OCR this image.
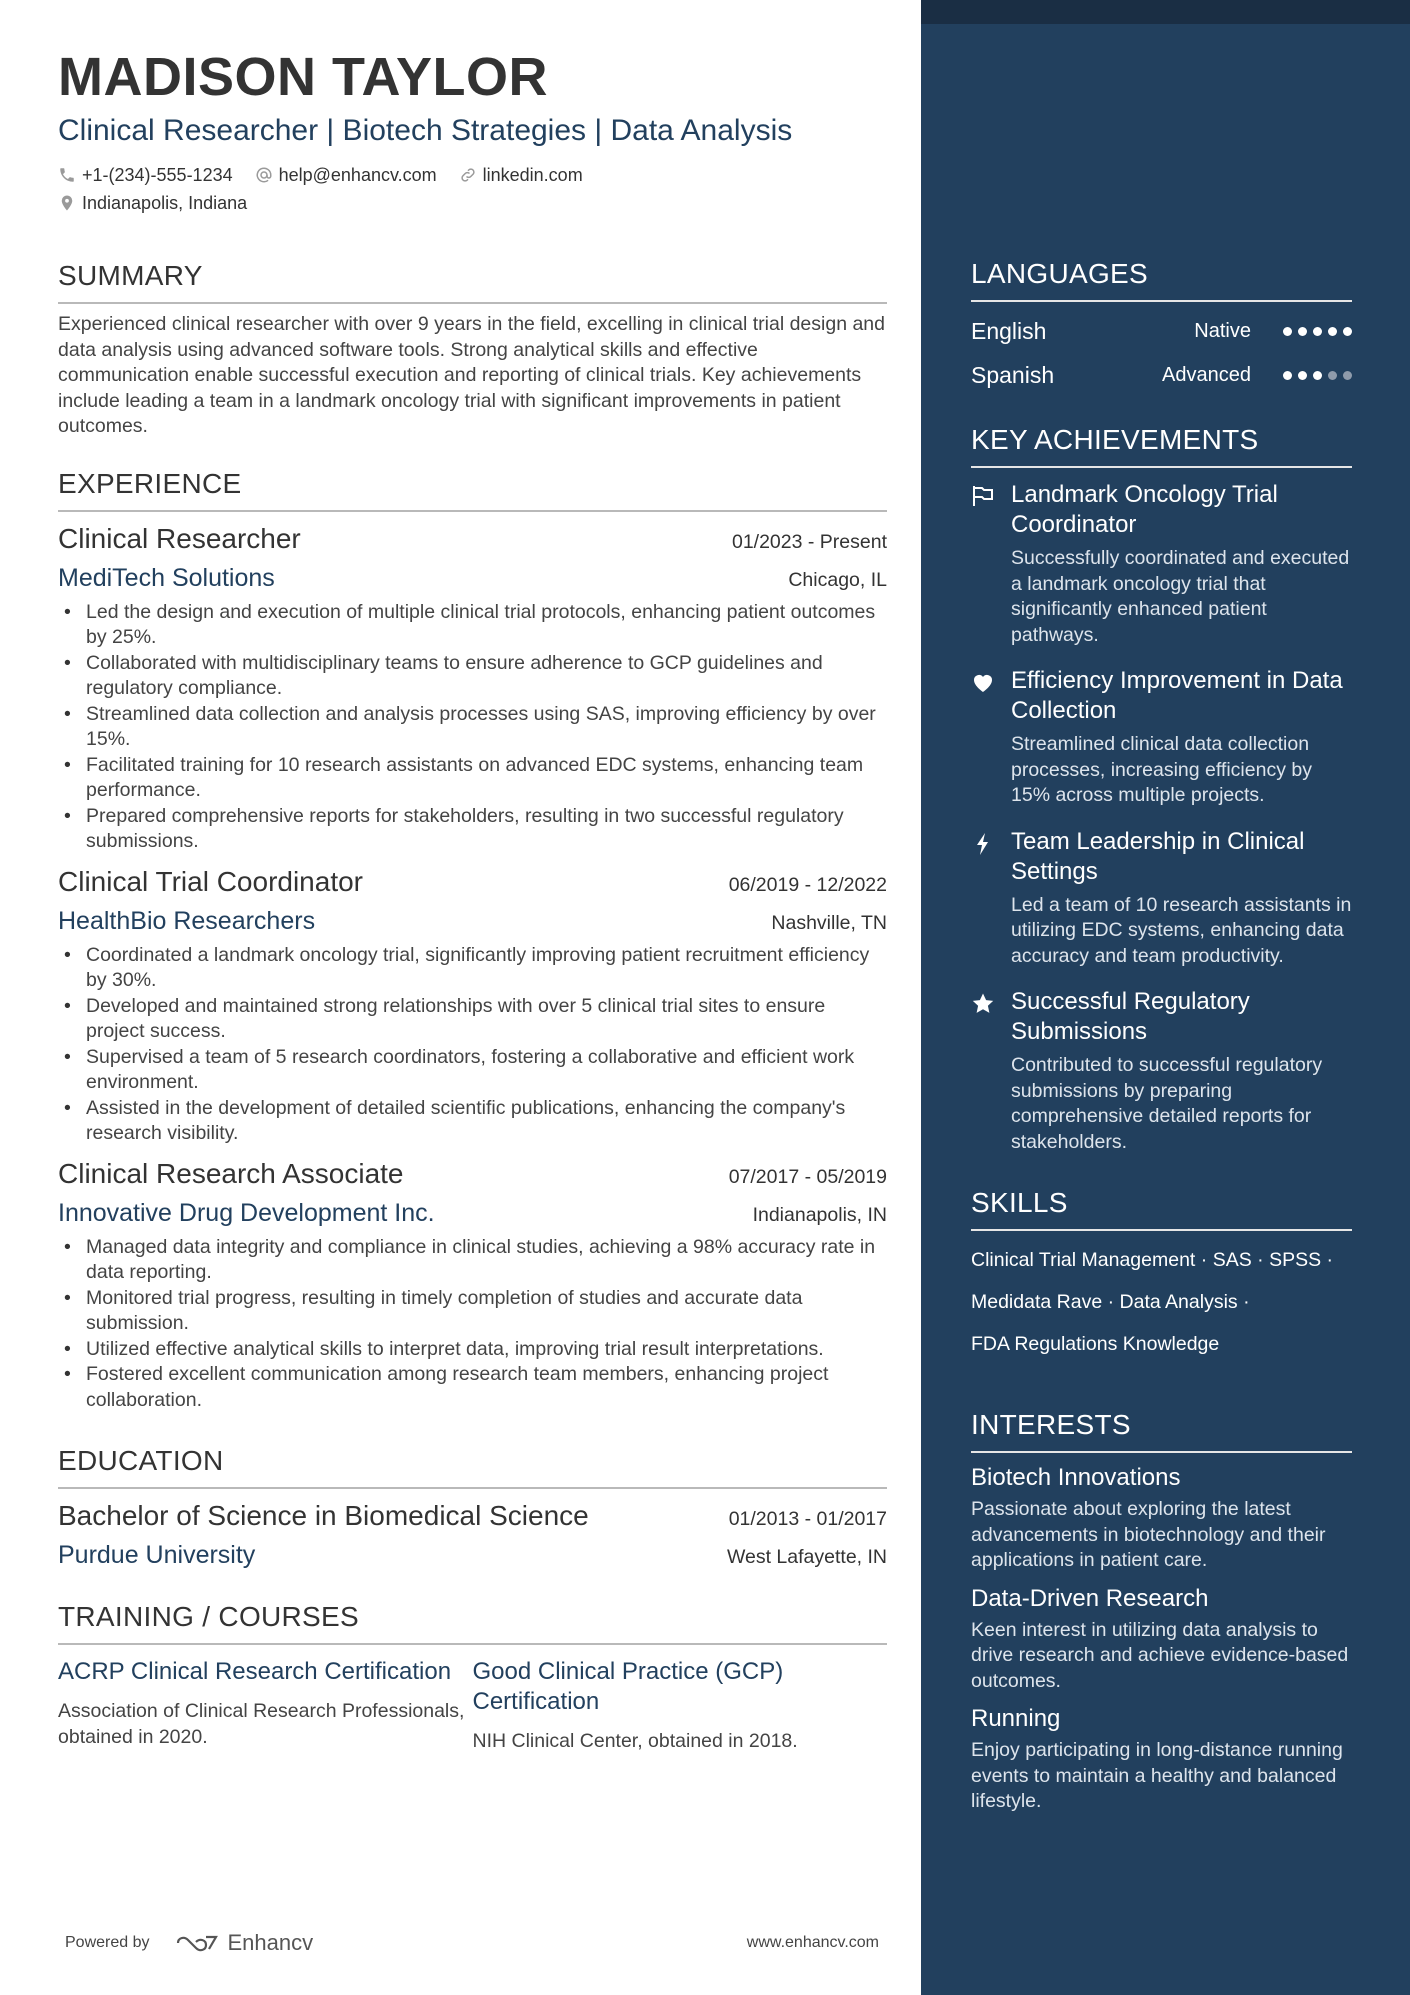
MADISON TAYLOR
Clinical Researcher | Biotech Strategies | Data Analysis
+1-(234)-555-1234	help@enhancv.com	linkedin.com
Indianapolis, Indiana
SUMMARY
Experienced clinical researcher with over 9 years in the field, excelling in clinical trial design and data analysis using advanced software tools. Strong analytical skills and effective communication enable successful execution and reporting of clinical trials. Key achievements include leading a team in a landmark oncology trial with significant improvements in patient outcomes.
EXPERIENCE
Clinical Researcher	01/2023 - Present
MediTech Solutions	Chicago, IL
• Led the design and execution of multiple clinical trial protocols, enhancing patient outcomes by 25%.
• Collaborated with multidisciplinary teams to ensure adherence to GCP guidelines and regulatory compliance.
• Streamlined data collection and analysis processes using SAS, improving efficiency by over 15%.
• Facilitated training for 10 research assistants on advanced EDC systems, enhancing team performance.
• Prepared comprehensive reports for stakeholders, resulting in two successful regulatory submissions.
Clinical Trial Coordinator	06/2019 - 12/2022
HealthBio Researchers	Nashville, TN
• Coordinated a landmark oncology trial, significantly improving patient recruitment efficiency by 30%.
• Developed and maintained strong relationships with over 5 clinical trial sites to ensure project success.
• Supervised a team of 5 research coordinators, fostering a collaborative and efficient work environment.
• Assisted in the development of detailed scientific publications, enhancing the company's research visibility.
Clinical Research Associate	07/2017 - 05/2019
Innovative Drug Development Inc.	Indianapolis, IN
• Managed data integrity and compliance in clinical studies, achieving a 98% accuracy rate in data reporting.
• Monitored trial progress, resulting in timely completion of studies and accurate data submission.
• Utilized effective analytical skills to interpret data, improving trial result interpretations.
• Fostered excellent communication among research team members, enhancing project collaboration.
EDUCATION
Bachelor of Science in Biomedical Science	01/2013 - 01/2017
Purdue University	West Lafayette, IN
TRAINING / COURSES
ACRP Clinical Research Certification
Association of Clinical Research Professionals, obtained in 2020.
Good Clinical Practice (GCP) Certification
NIH Clinical Center, obtained in 2018.
Powered by	Enhancv	www.enhancv.com
LANGUAGES
English	Native
Spanish	Advanced
KEY ACHIEVEMENTS
Landmark Oncology Trial Coordinator
Successfully coordinated and executed a landmark oncology trial that significantly enhanced patient pathways.
Efficiency Improvement in Data Collection
Streamlined clinical data collection processes, increasing efficiency by 15% across multiple projects.
Team Leadership in Clinical Settings
Led a team of 10 research assistants in utilizing EDC systems, enhancing data accuracy and team productivity.
Successful Regulatory Submissions
Contributed to successful regulatory submissions by preparing comprehensive detailed reports for stakeholders.
SKILLS
Clinical Trial Management · SAS · SPSS · Medidata Rave · Data Analysis ·
FDA Regulations Knowledge
INTERESTS
Biotech Innovations
Passionate about exploring the latest advancements in biotechnology and their applications in patient care.
Data-Driven Research
Keen interest in utilizing data analysis to drive research and achieve evidence-based outcomes.
Running
Enjoy participating in long-distance running events to maintain a healthy and balanced lifestyle.
